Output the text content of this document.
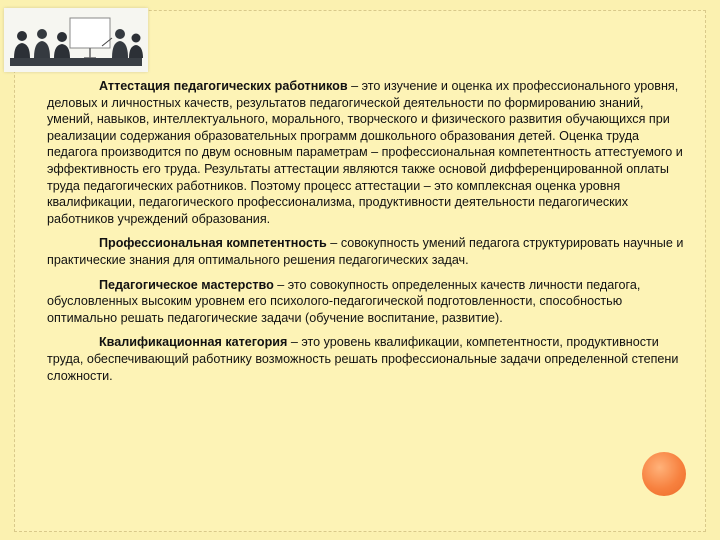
Аттестация педагогических работников – это изучение и оценка их профессионального уровня, деловых и личностных качеств, результатов педагогической деятельности по формированию знаний, умений, навыков, интеллектуального, морального, творческого и физического развития обучающихся при реализации содержания образовательных программ дошкольного образования детей. Оценка труда педагога производится по двум основным параметрам – профессиональная компетентность аттестуемого и эффективность его труда. Результаты аттестации являются также основой дифференцированной оплаты труда педагогических работников. Поэтому процесс аттестации – это комплексная оценка уровня квалификации, педагогического профессионализма, продуктивности деятельности педагогических работников учреждений образования.

Профессиональная компетентность – совокупность умений педагога структурировать научные и практические знания для оптимального решения педагогических задач.

Педагогическое мастерство – это совокупность определенных качеств личности педагога, обусловленных высоким уровнем его психолого-педагогической подготовленности, способностью оптимально решать педагогические задачи (обучение воспитание, развитие).

Квалификационная категория – это уровень квалификации, компетентности, продуктивности труда, обеспечивающий работнику возможность решать профессиональные задачи определенной степени сложности.
